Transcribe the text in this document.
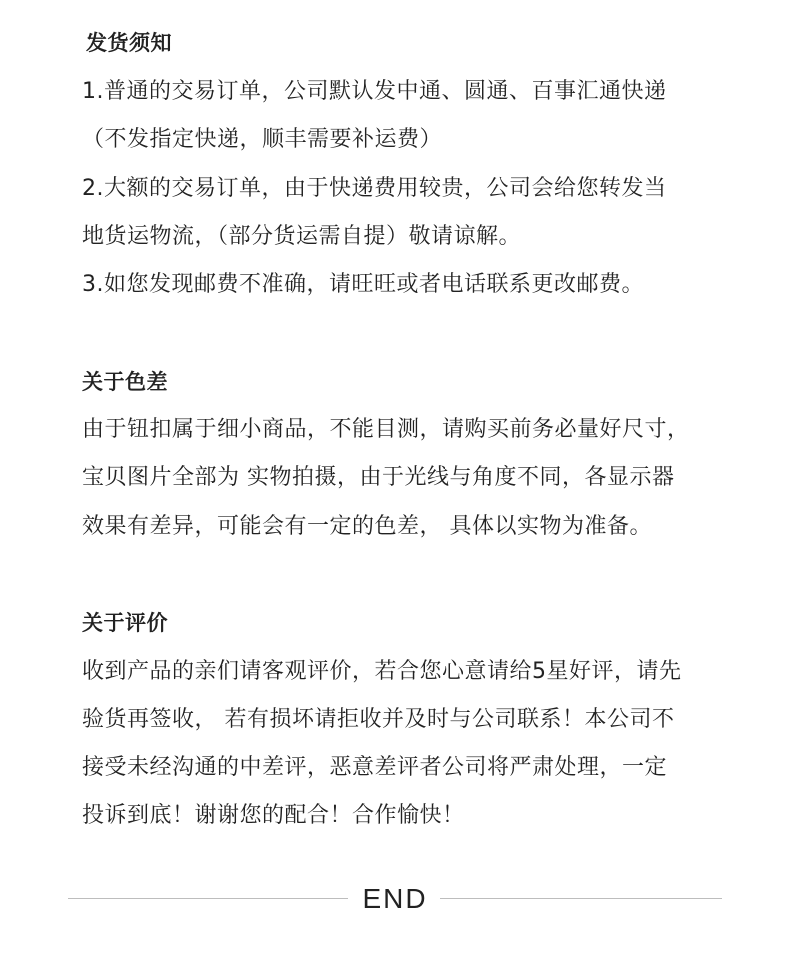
发货须知
1.普通的交易订单，公司默认发中通、圆通、百事汇通快递
（不发指定快递，顺丰需要补运费）
2.大额的交易订单，由于快递费用较贵，公司会给您转发当
地货运物流，（部分货运需自提）敬请谅解。
3.如您发现邮费不准确，请旺旺或者电话联系更改邮费。
关于色差
由于钮扣属于细小商品，不能目测，请购买前务必量好尺寸，
宝贝图片全部为 实物拍摄，由于光线与角度不同，各显示器
效果有差异，可能会有一定的色差， 具体以实物为准备。
关于评价
收到产品的亲们请客观评价，若合您心意请给5星好评，请先
验货再签收， 若有损坏请拒收并及时与公司联系！本公司不
接受未经沟通的中差评，恶意差评者公司将严肃处理，一定
投诉到底！谢谢您的配合！合作愉快！
END
